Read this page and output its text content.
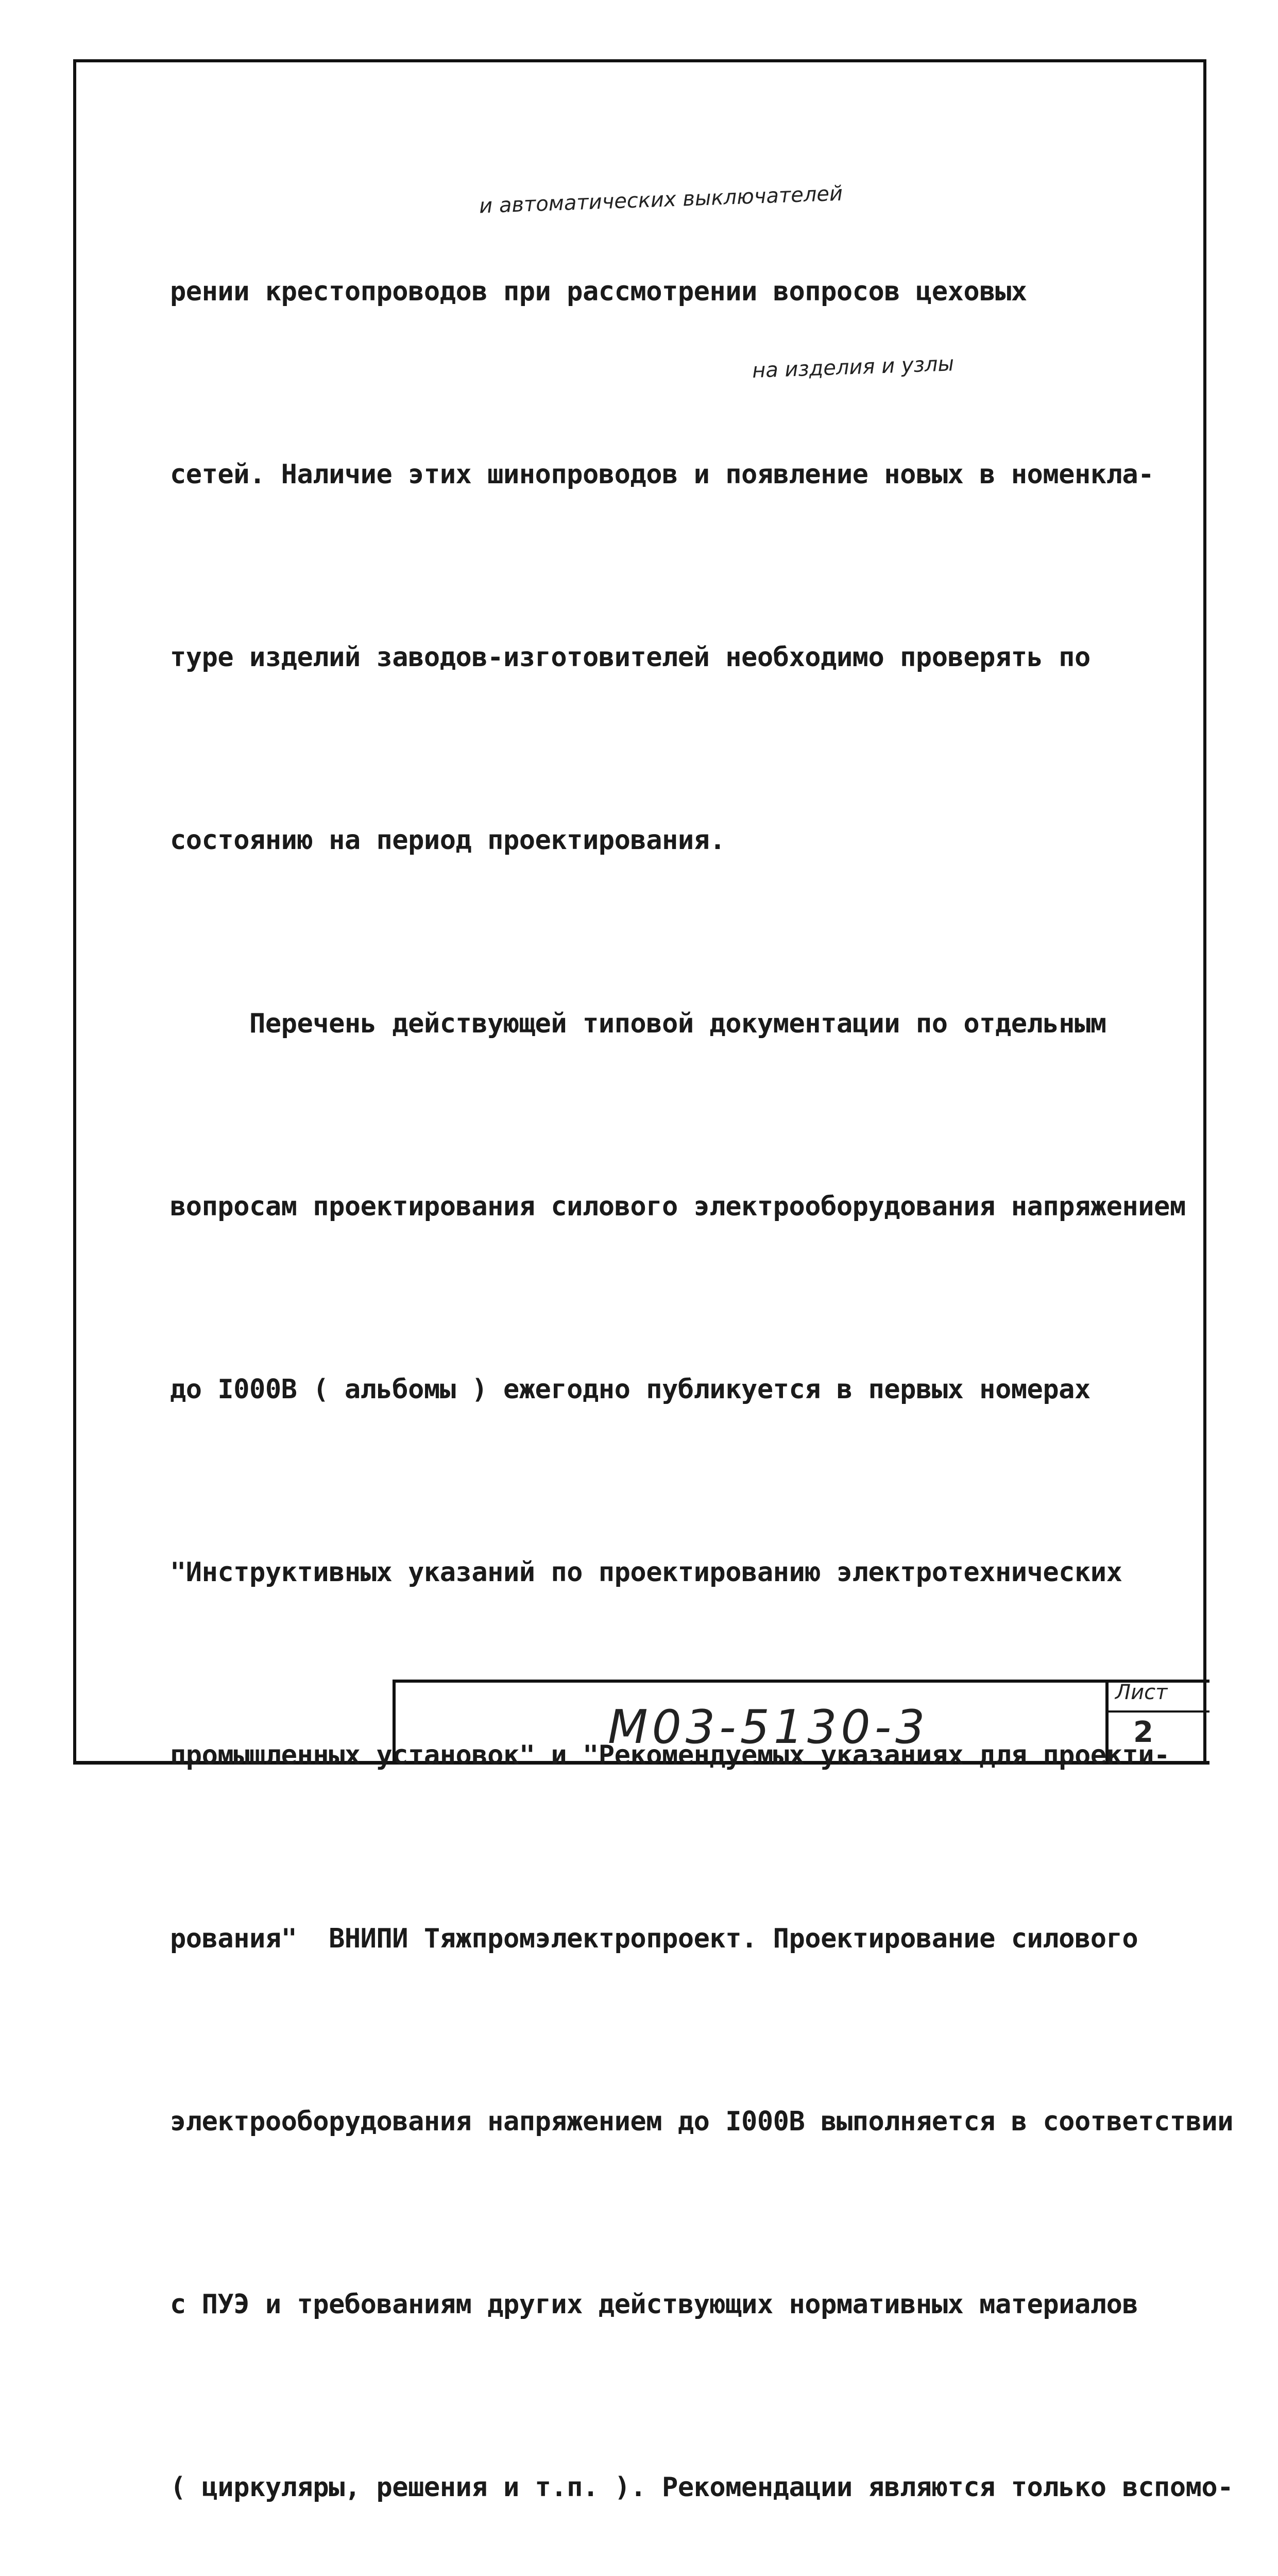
и автоматических выключателей
на изделия и узлы

рении крестопроводов при рассмотрении вопросов цеховых

сетей. Наличие этих шинопроводов и появление новых в номенкла-

туре изделий заводов-изготовителей необходимо проверять по

состоянию на период проектирования.

Перечень действующей типовой документации по отдельным

вопросам проектирования силового электрооборудования напряжением

до I000B ( альбомы ) ежегодно публикуется в первых номерах

"Инструктивных указаний по проектированию электротехнических

промышленных установок" и "Рекомендуемых указаниях для проекти-

рования"  ВНИПИ Тяжпромэлектропроект. Проектирование силового

электрооборудования напряжением до I000B выполняется в соответствии

с ПУЭ и требованиям других действующих нормативных материалов

( циркуляры, решения и т.п. ). Рекомендации являются только вспомо-

М03-5130-3
Лист
2
